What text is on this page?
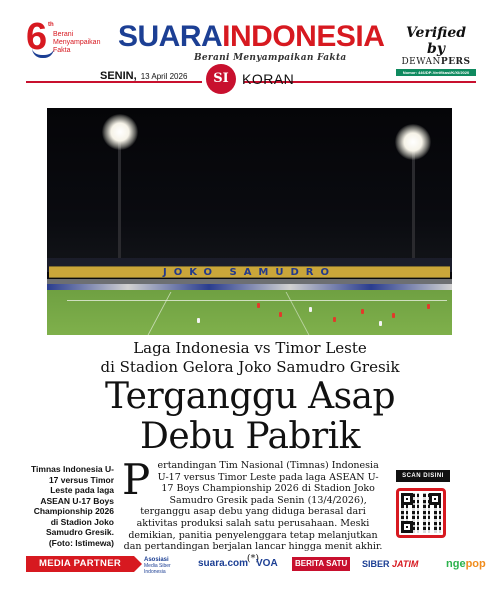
6 th
Berani Menyampaikan Fakta	SUARAINDONESIA
Berani Menyampaikan Fakta
Verified by
DEWANPERS
Nomor: 446/DP-Verifikasi/K/XI/2020
SENIN, 13 April 2026	SI KORAN
JOKO SAMUDRO
Laga Indonesia vs Timor Leste
di Stadion Gelora Joko Samudro Gresik
Terganggu Asap
Debu Pabrik
Timnas Indonesia U-17 versus Timor Leste pada laga ASEAN U-17 Boys Championship 2026 di Stadion Joko Samudro Gresik. (Foto: Istimewa)
Pertandingan Tim Nasional (Timnas) Indonesia U-17 versus Timor Leste pada laga ASEAN U-17 Boys Championship 2026 di Stadion Joko Samudro Gresik pada Senin (13/4/2026), terganggu asap debu yang diduga berasal dari aktivitas produksi salah satu perusahaan. Meski demikian, panitia penyelenggara tetap melanjutkan dan pertandingan berjalan lancar hingga menit akhir. (*)
SCAN DISINI
MEDIA PARTNER	Asosiasi
Media Siber
Indonesia
suara.com VOA	BERITA SATU	SIBER JATIM	ngepop
